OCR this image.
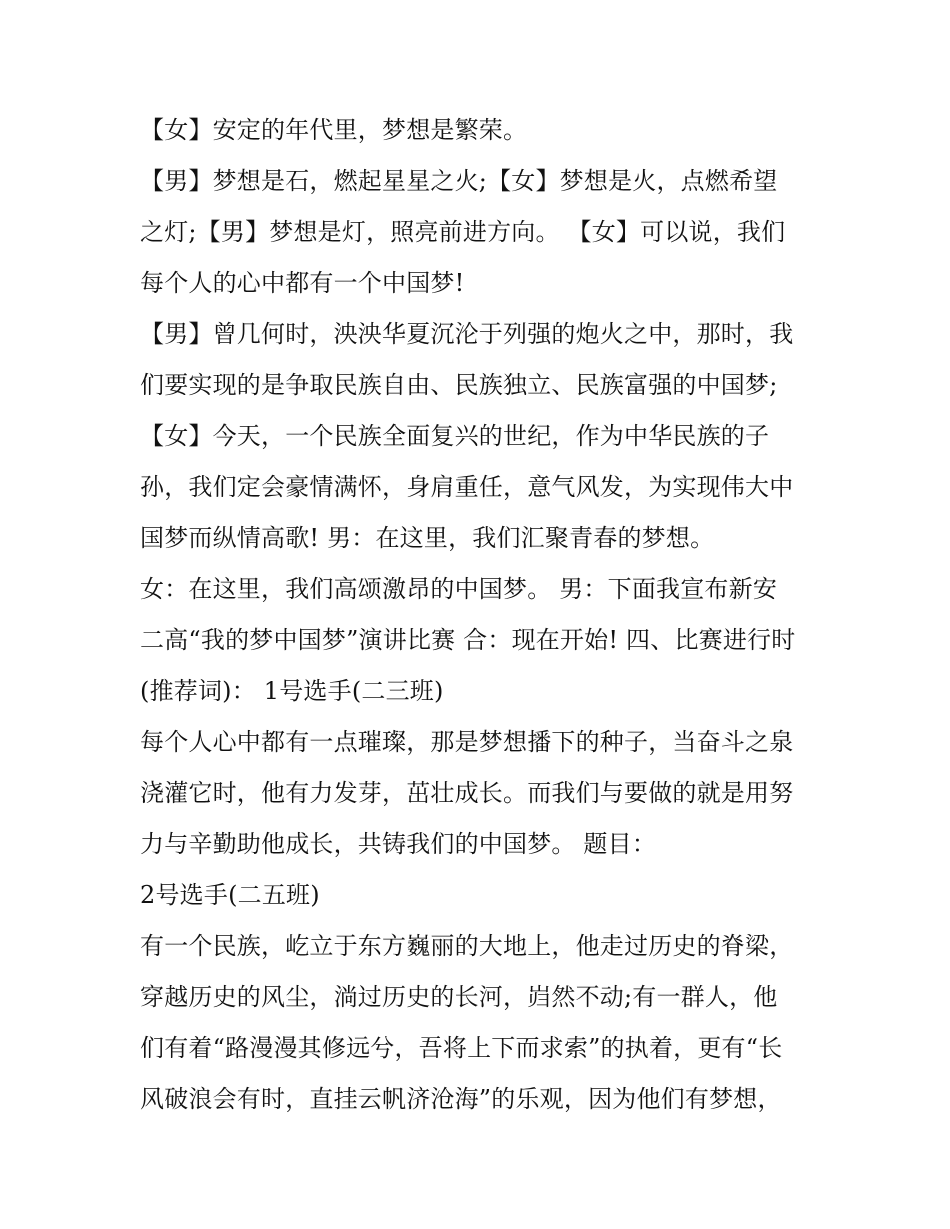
【女】安定的年代里，梦想是繁荣。
【男】梦想是石，燃起星星之火;【女】梦想是火，点燃希望
之灯;【男】梦想是灯，照亮前进方向。 【女】可以说，我们
每个人的心中都有一个中国梦!
【男】曾几何时，泱泱华夏沉沦于列强的炮火之中，那时，我
们要实现的是争取民族自由、民族独立、民族富强的中国梦;
【女】今天，一个民族全面复兴的世纪，作为中华民族的子
孙，我们定会豪情满怀，身肩重任，意气风发，为实现伟大中
国梦而纵情高歌! 男：在这里，我们汇聚青春的梦想。
女：在这里，我们高颂激昂的中国梦。 男：下面我宣布新安
二高“我的梦中国梦”演讲比赛 合：现在开始! 四、比赛进行时
(推荐词)： 1号选手(二三班)
每个人心中都有一点璀璨，那是梦想播下的种子，当奋斗之泉
浇灌它时，他有力发芽，茁壮成长。而我们与要做的就是用努
力与辛勤助他成长，共铸我们的中国梦。 题目：
2号选手(二五班)
有一个民族，屹立于东方巍丽的大地上，他走过历史的脊梁，
穿越历史的风尘，淌过历史的长河，岿然不动;有一群人，他
们有着“路漫漫其修远兮，吾将上下而求索”的执着，更有“长
风破浪会有时，直挂云帆济沧海”的乐观，因为他们有梦想，
